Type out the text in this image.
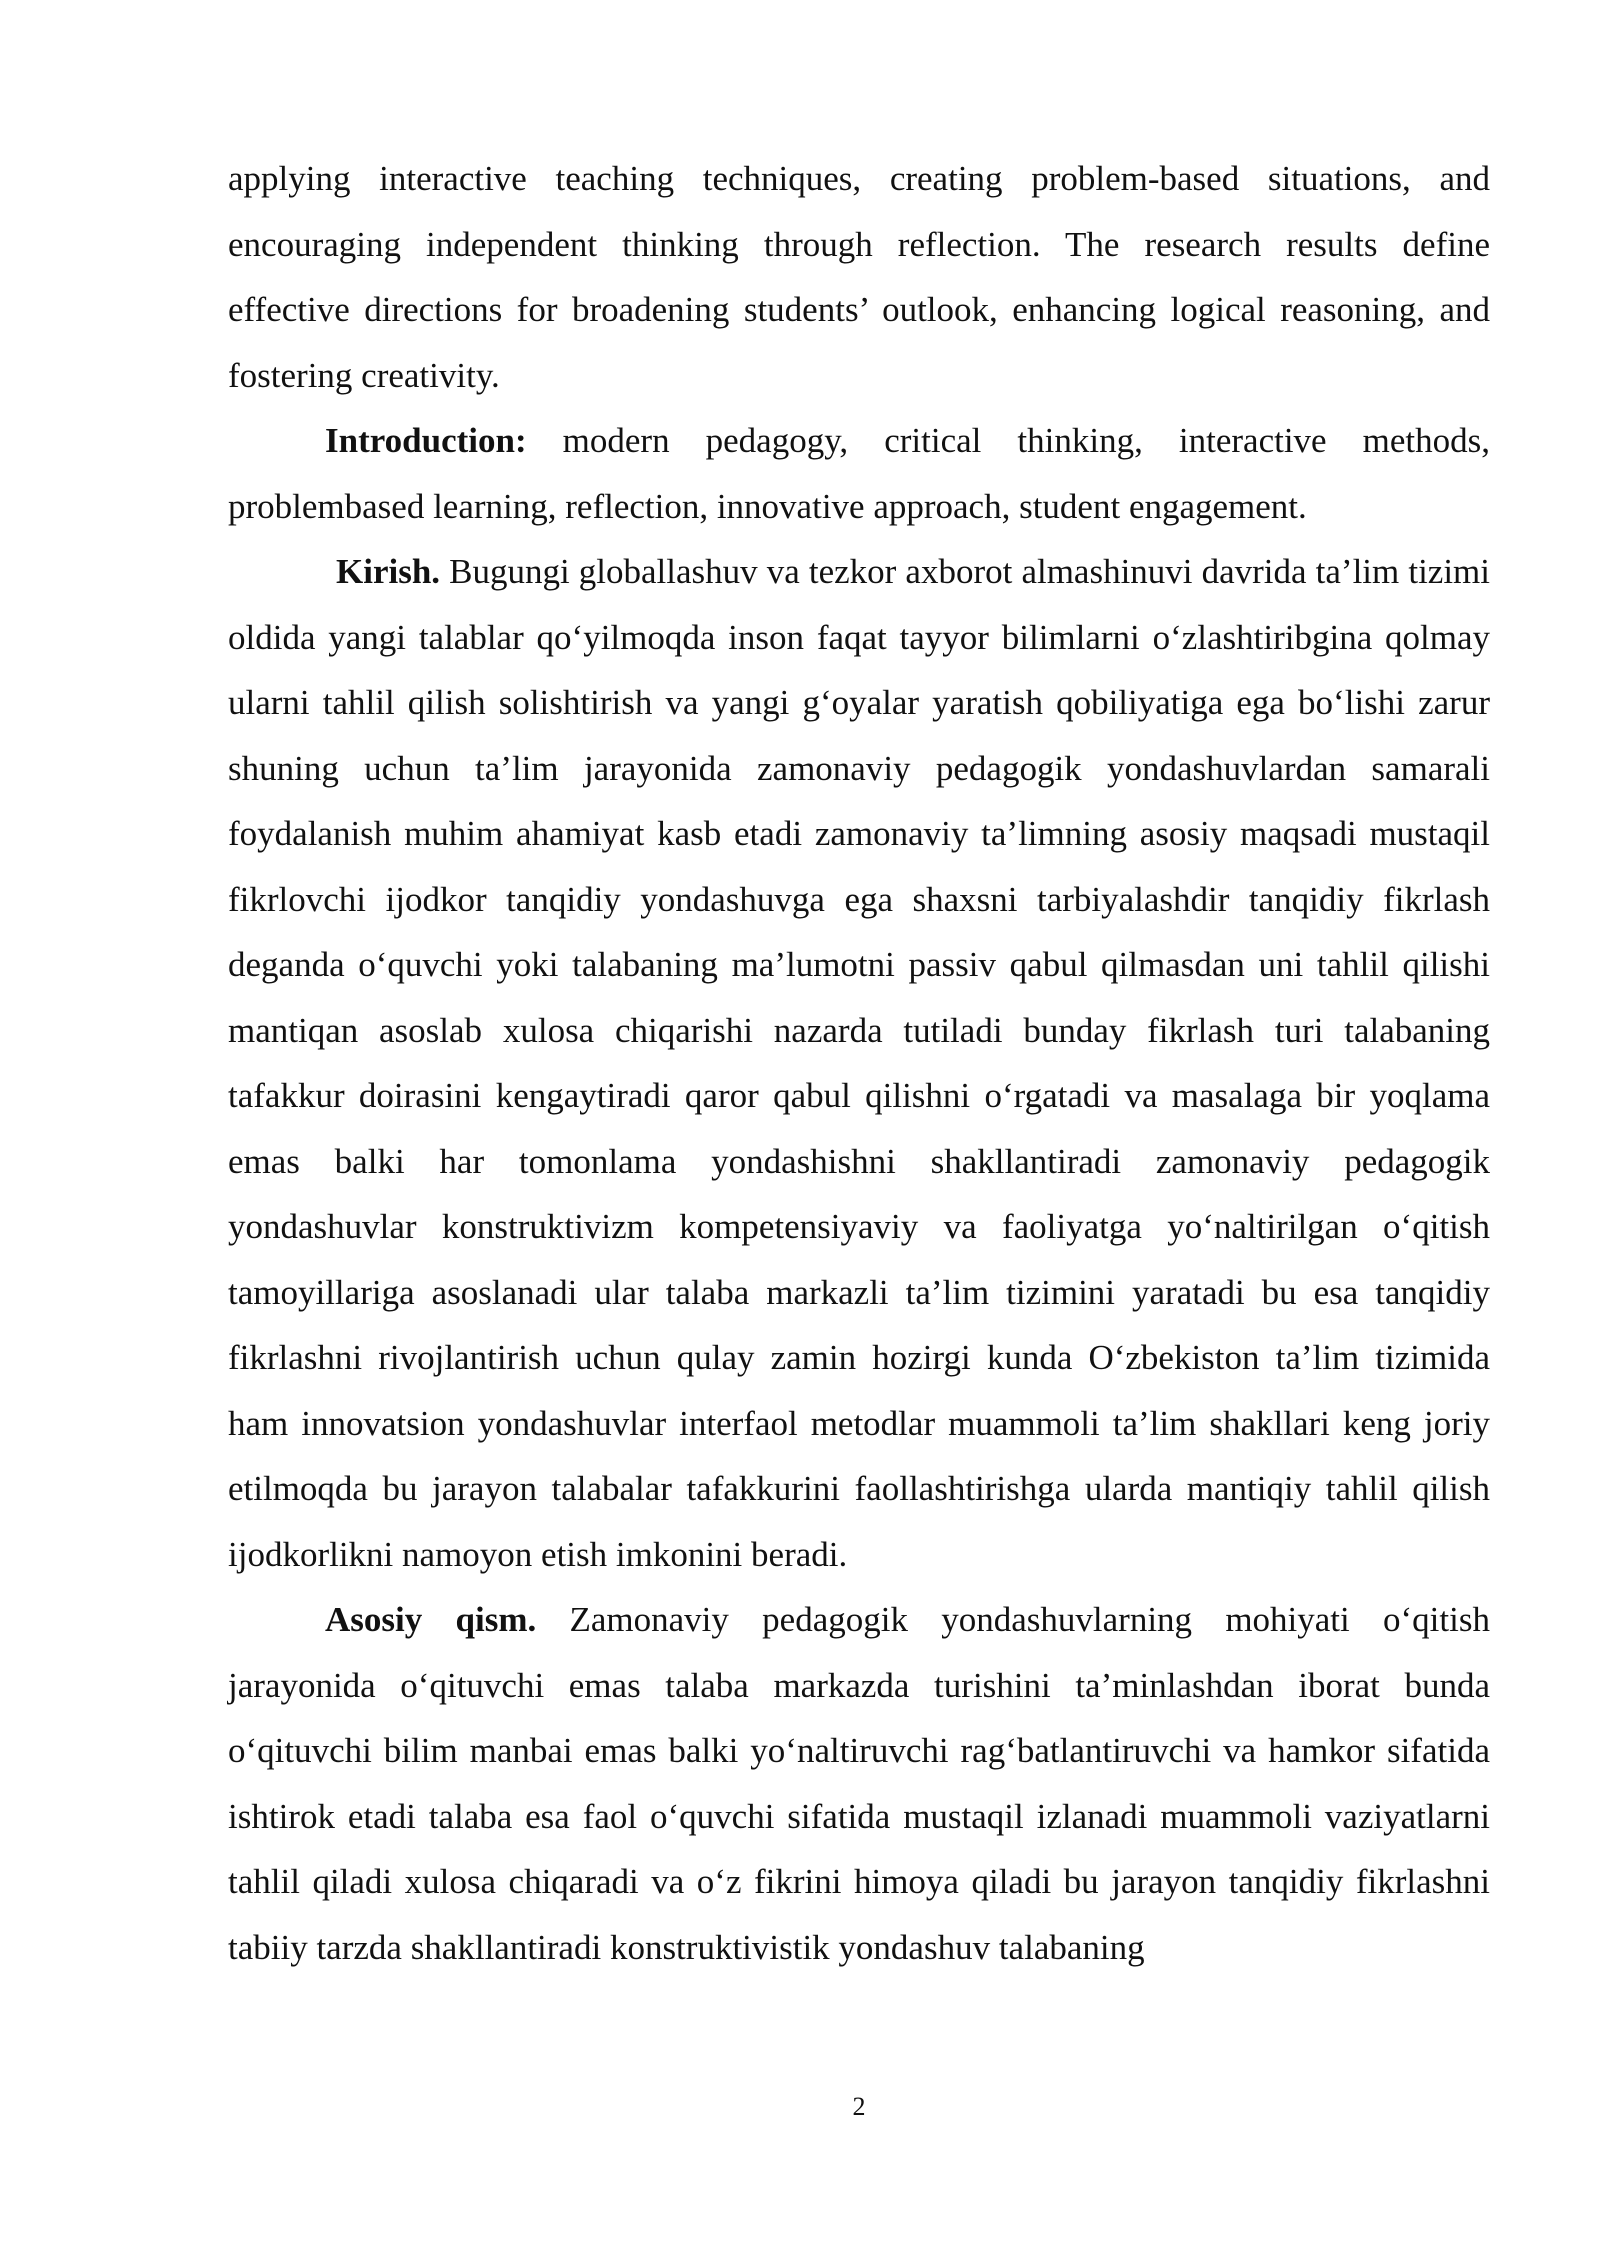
applying interactive teaching techniques, creating problem-based situations, and encouraging independent thinking through reflection. The research results define effective directions for broadening students’ outlook, enhancing logical reasoning, and fostering creativity.

Introduction: modern pedagogy, critical thinking, interactive methods, problembased learning, reflection, innovative approach, student engagement.

Kirish. Bugungi globallashuv va tezkor axborot almashinuvi davrida ta’lim tizimi oldida yangi talablar qo‘yilmoqda inson faqat tayyor bilimlarni o‘zlashtiribgina qolmay ularni tahlil qilish solishtirish va yangi g‘oyalar yaratish qobiliyatiga ega bo‘lishi zarur shuning uchun ta’lim jarayonida zamonaviy pedagogik yondashuvlardan samarali foydalanish muhim ahamiyat kasb etadi zamonaviy ta’limning asosiy maqsadi mustaqil fikrlovchi ijodkor tanqidiy yondashuvga ega shaxsni tarbiyalashdir tanqidiy fikrlash deganda o‘quvchi yoki talabaning ma’lumotni passiv qabul qilmasdan uni tahlil qilishi mantiqan asoslab xulosa chiqarishi nazarda tutiladi bunday fikrlash turi talabaning tafakkur doirasini kengaytiradi qaror qabul qilishni o‘rgatadi va masalaga bir yoqlama emas balki har tomonlama yondashishni shakllantiradi zamonaviy pedagogik yondashuvlar konstruktivizm kompetensiyaviy va faoliyatga yo‘naltirilgan o‘qitish tamoyillariga asoslanadi ular talaba markazli ta’lim tizimini yaratadi bu esa tanqidiy fikrlashni rivojlantirish uchun qulay zamin hozirgi kunda O‘zbekiston ta’lim tizimida ham innovatsion yondashuvlar interfaol metodlar muammoli ta’lim shakllari keng joriy etilmoqda bu jarayon talabalar tafakkurini faollashtirishga ularda mantiqiy tahlil qilish ijodkorlikni namoyon etish imkonini beradi.

Asosiy qism. Zamonaviy pedagogik yondashuvlarning mohiyati o‘qitish jarayonida o‘qituvchi emas talaba markazda turishini ta’minlashdan iborat bunda o‘qituvchi bilim manbai emas balki yo‘naltiruvchi rag‘batlantiruvchi va hamkor sifatida ishtirok etadi talaba esa faol o‘quvchi sifatida mustaqil izlanadi muammoli vaziyatlarni tahlil qiladi xulosa chiqaradi va o‘z fikrini himoya qiladi bu jarayon tanqidiy fikrlashni tabiiy tarzda shakllantiradi konstruktivistik yondashuv talabaning

2
